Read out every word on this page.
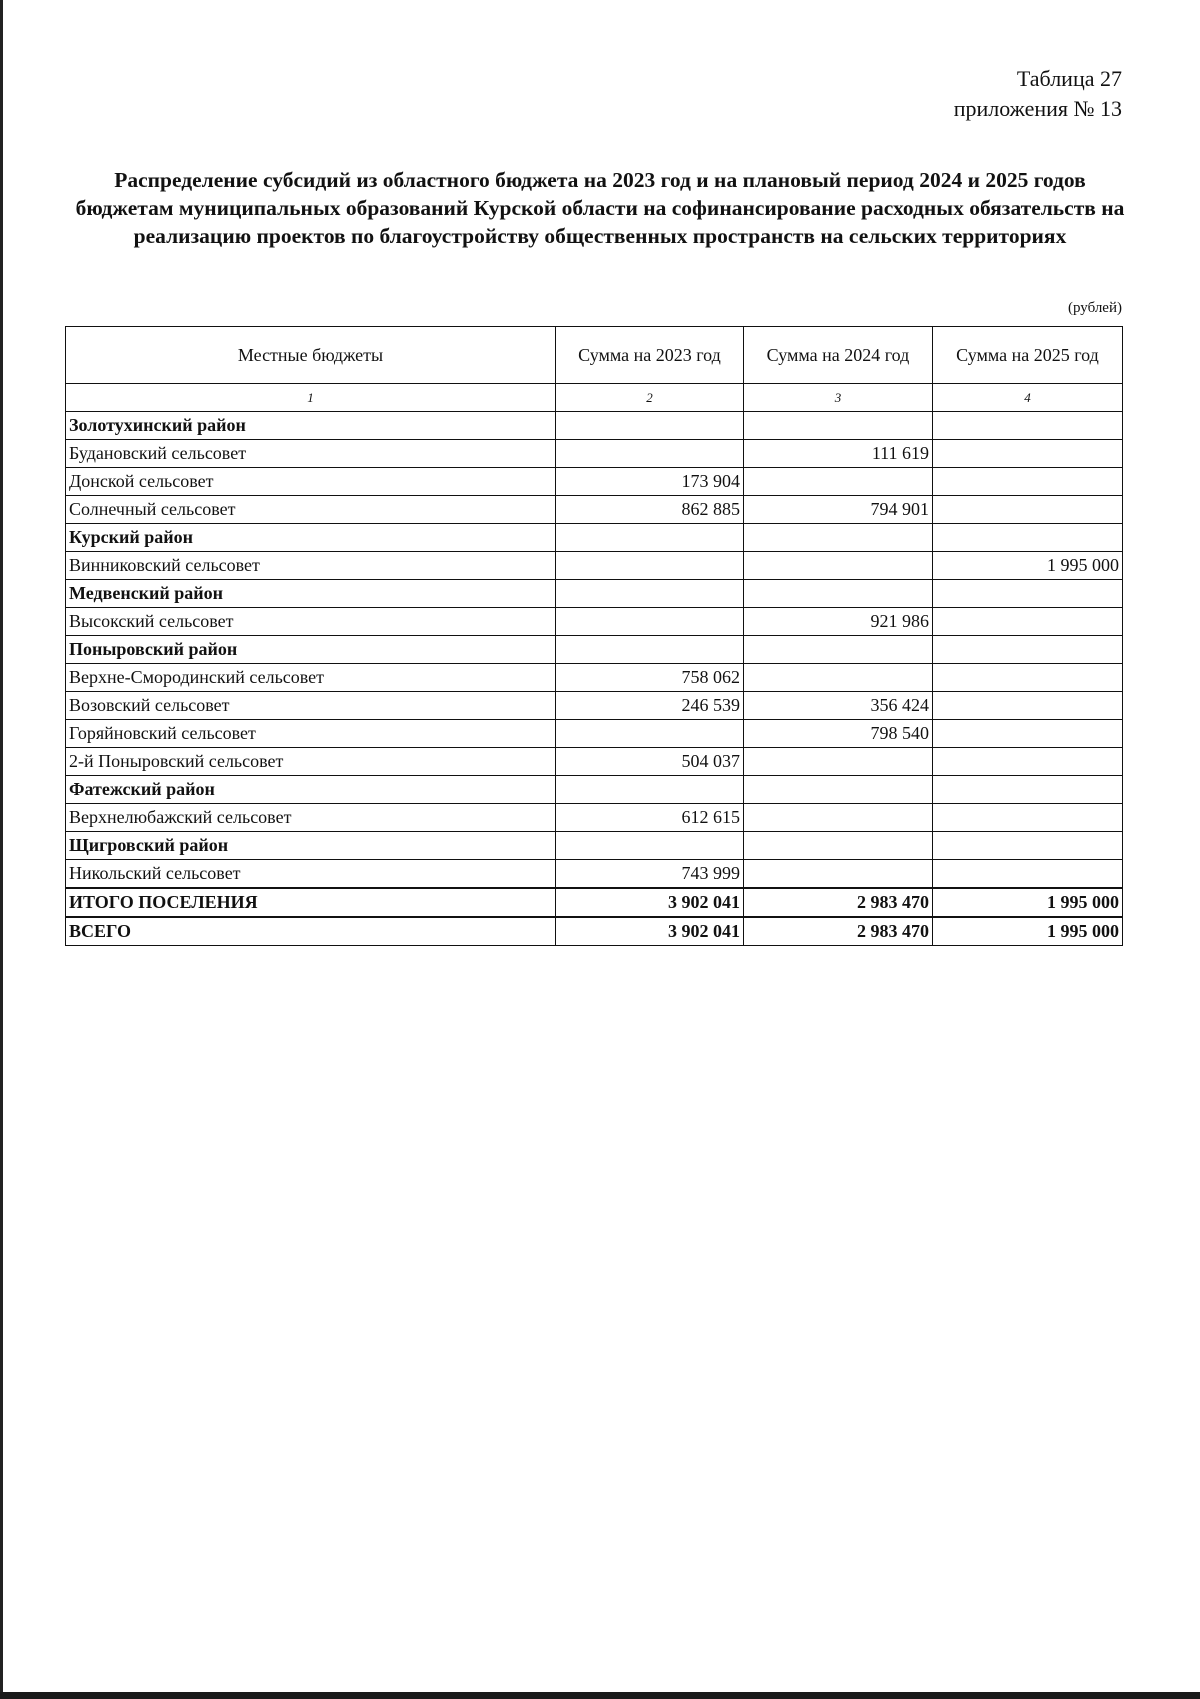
Таблица 27
приложения № 13
Распределение субсидий из областного бюджета на 2023 год и на плановый период 2024 и 2025 годов бюджетам муниципальных образований Курской области на софинансирование расходных обязательств на реализацию проектов по благоустройству общественных пространств на сельских территориях
(рублей)
Местные бюджеты	Сумма на 2023 год	Сумма на 2024 год	Сумма на 2025 год
1	2	3	4
Золотухинский район			
Будановский сельсовет		111 619	
Донской сельсовет	173 904		
Солнечный сельсовет	862 885	794 901	
Курский район			
Винниковский сельсовет			1 995 000
Медвенский район			
Высокский сельсовет		921 986	
Поныровский район			
Верхне-Смородинский сельсовет	758 062		
Возовский сельсовет	246 539	356 424	
Горяйновский сельсовет		798 540	
2-й Поныровский сельсовет	504 037		
Фатежский район			
Верхнелюбажский сельсовет	612 615		
Щигровский район			
Никольский сельсовет	743 999		
ИТОГО ПОСЕЛЕНИЯ	3 902 041	2 983 470	1 995 000
ВСЕГО	3 902 041	2 983 470	1 995 000
